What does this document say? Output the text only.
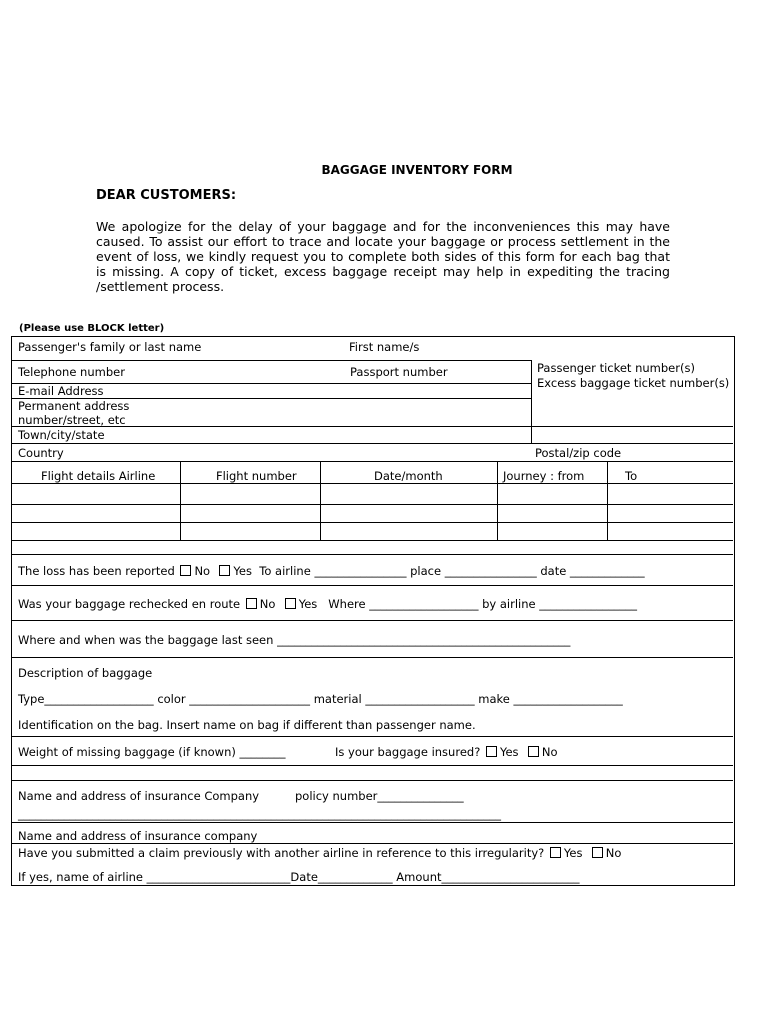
BAGGAGE INVENTORY FORM
DEAR CUSTOMERS:
We apologize for the delay of your baggage and for the inconveniences this may have caused. To assist our effort to trace and locate your baggage or process settlement in the event of loss, we kindly request you to complete both sides of this form for each bag that is missing. A copy of ticket, excess baggage receipt may help in expediting the tracing /settlement process.
(Please use BLOCK letter)
Passenger's family or last name	First name/s
Telephone number	Passport number	Passenger ticket number(s)
Excess baggage ticket number(s)
E-mail Address
Permanent address
number/street, etc
Town/city/state
Country	Postal/zip code
Flight details Airline	Flight number	Date/month	Journey : from	To
The loss has been reported No Yes To airline ________________ place ________________ date _____________
Was your baggage rechecked en route No Yes Where ___________________ by airline _________________
Where and when was the baggage last seen ___________________________________________________
Description of baggage
Type___________________ color _____________________ material ___________________ make ___________________
Identification on the bag. Insert name on bag if different than passenger name.
Weight of missing baggage (if known) ________	Is your baggage insured? Yes No
Name and address of insurance Company	policy number_______________
____________________________________________________________________________________
Name and address of insurance company
Have you submitted a claim previously with another airline in reference to this irregularity? Yes No
If yes, name of airline _________________________Date_____________ Amount________________________
